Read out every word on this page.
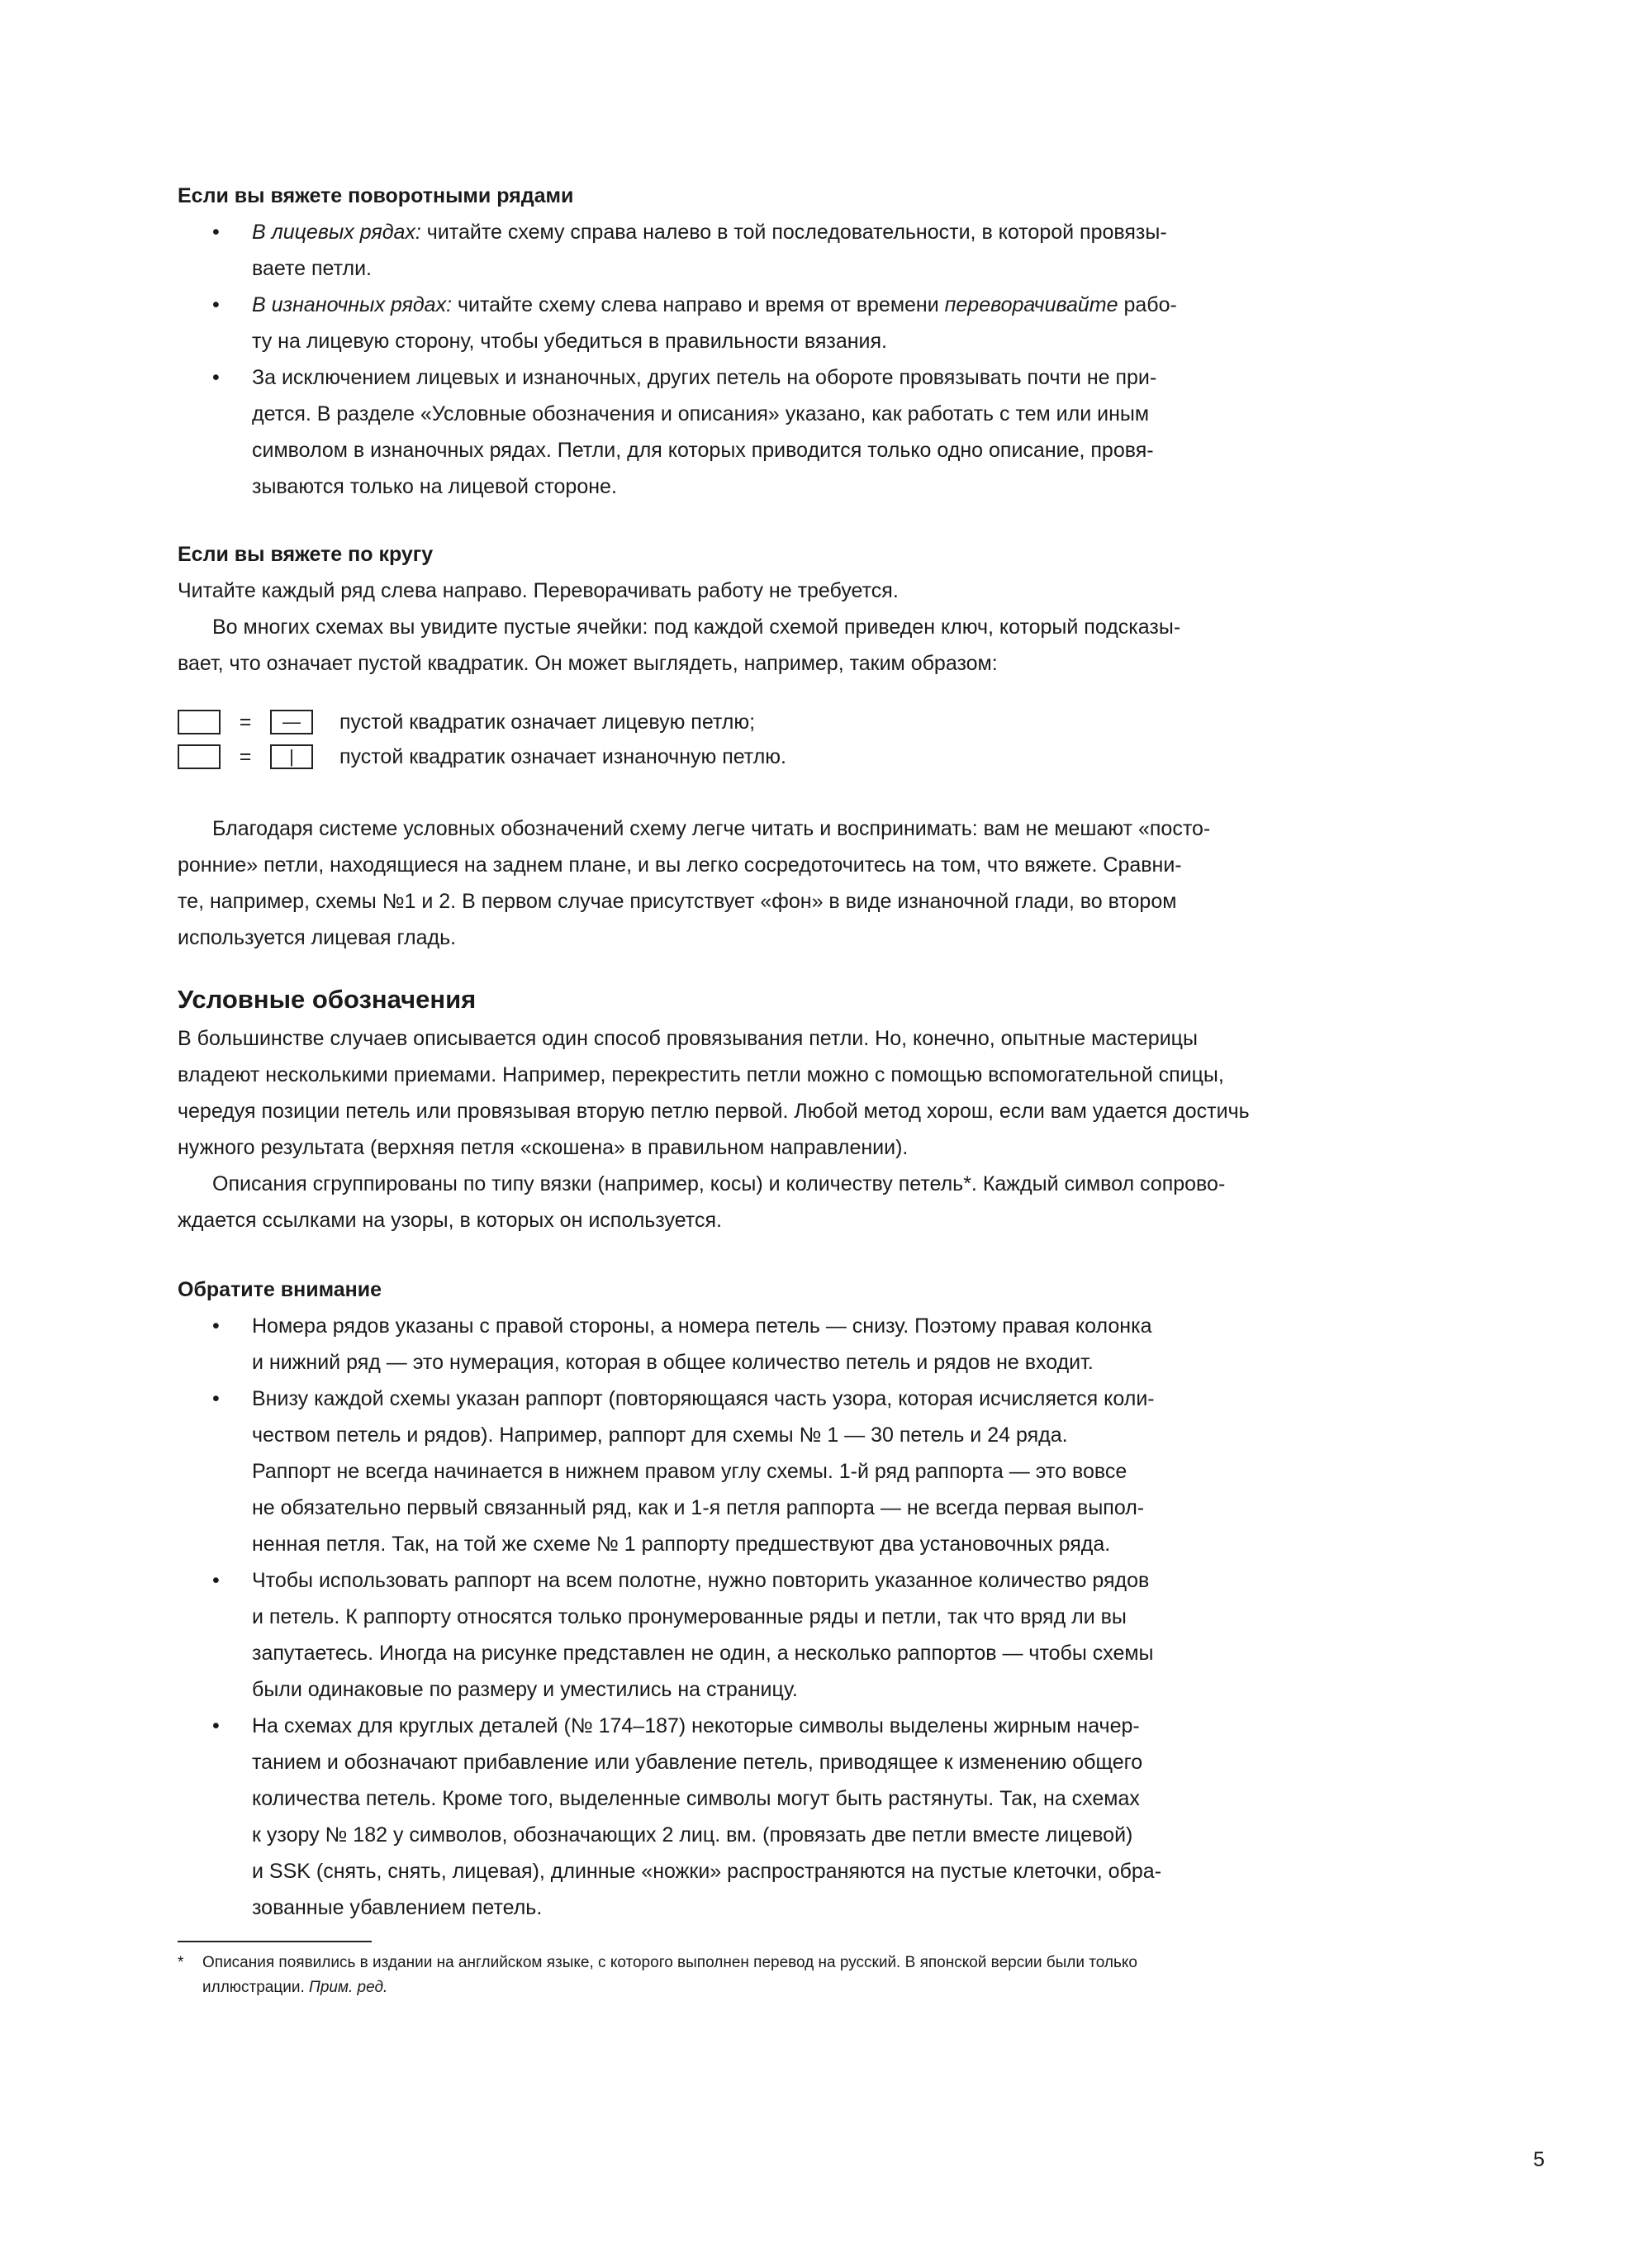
Если вы вяжете поворотными рядами
• В лицевых рядах: читайте схему справа налево в той последовательности, в которой провязы-
ваете петли.
• В изнаночных рядах: читайте схему слева направо и время от времени переворачивайте рабо-
ту на лицевую сторону, чтобы убедиться в правильности вязания.
• За исключением лицевых и изнаночных, других петель на обороте провязывать почти не при-
дется. В разделе «Условные обозначения и описания» указано, как работать с тем или иным
символом в изнаночных рядах. Петли, для которых приводится только одно описание, провя-
зываются только на лицевой стороне.
Если вы вяжете по кругу

Читайте каждый ряд слева направо. Переворачивать работу не требуется.

Во многих схемах вы увидите пустые ячейки: под каждой схемой приведен ключ, который подсказы-
вает, что означает пустой квадратик. Он может выглядеть, например, таким образом:

=	— пустой квадратик означает лицевую петлю;
=	| пустой квадратик означает изнаночную петлю.

Благодаря системе условных обозначений схему легче читать и воспринимать: вам не мешают «посто-
ронние» петли, находящиеся на заднем плане, и вы легко сосредоточитесь на том, что вяжете. Сравни-
те, например, схемы №1 и 2. В первом случае присутствует «фон» в виде изнаночной глади, во втором
используется лицевая гладь.

Условные обозначения

В большинстве случаев описывается один способ провязывания петли. Но, конечно, опытные мастерицы
владеют несколькими приемами. Например, перекрестить петли можно с помощью вспомогательной спицы,
чередуя позиции петель или провязывая вторую петлю первой. Любой метод хорош, если вам удается достичь
нужного результата (верхняя петля «скошена» в правильном направлении).

Описания сгруппированы по типу вязки (например, косы) и количеству петель*. Каждый символ сопрово-
ждается ссылками на узоры, в которых он используется.

Обратите внимание
• Номера рядов указаны с правой стороны, а номера петель — снизу. Поэтому правая колонка
и нижний ряд — это нумерация, которая в общее количество петель и рядов не входит.
• Внизу каждой схемы указан раппорт (повторяющаяся часть узора, которая исчисляется коли-
чеством петель и рядов). Например, раппорт для схемы № 1 — 30 петель и 24 ряда.
Раппорт не всегда начинается в нижнем правом углу схемы. 1-й ряд раппорта — это вовсе
не обязательно первый связанный ряд, как и 1-я петля раппорта — не всегда первая выпол-
ненная петля. Так, на той же схеме № 1 раппорту предшествуют два установочных ряда.
• Чтобы использовать раппорт на всем полотне, нужно повторить указанное количество рядов
и петель. К раппорту относятся только пронумерованные ряды и петли, так что вряд ли вы
запутаетесь. Иногда на рисунке представлен не один, а несколько раппортов — чтобы схемы
были одинаковые по размеру и уместились на страницу.
• На схемах для круглых деталей (№ 174–187) некоторые символы выделены жирным начер-
танием и обозначают прибавление или убавление петель, приводящее к изменению общего
количества петель. Кроме того, выделенные символы могут быть растянуты. Так, на схемах
к узору № 182 у символов, обозначающих 2 лиц. вм. (провязать две петли вместе лицевой)
и SSK (снять, снять, лицевая), длинные «ножки» распространяются на пустые клеточки, обра-
зованные убавлением петель.

* Описания появились в издании на английском языке, с которого выполнен перевод на русский. В японской версии были только
иллюстрации. Прим. ред.

5
